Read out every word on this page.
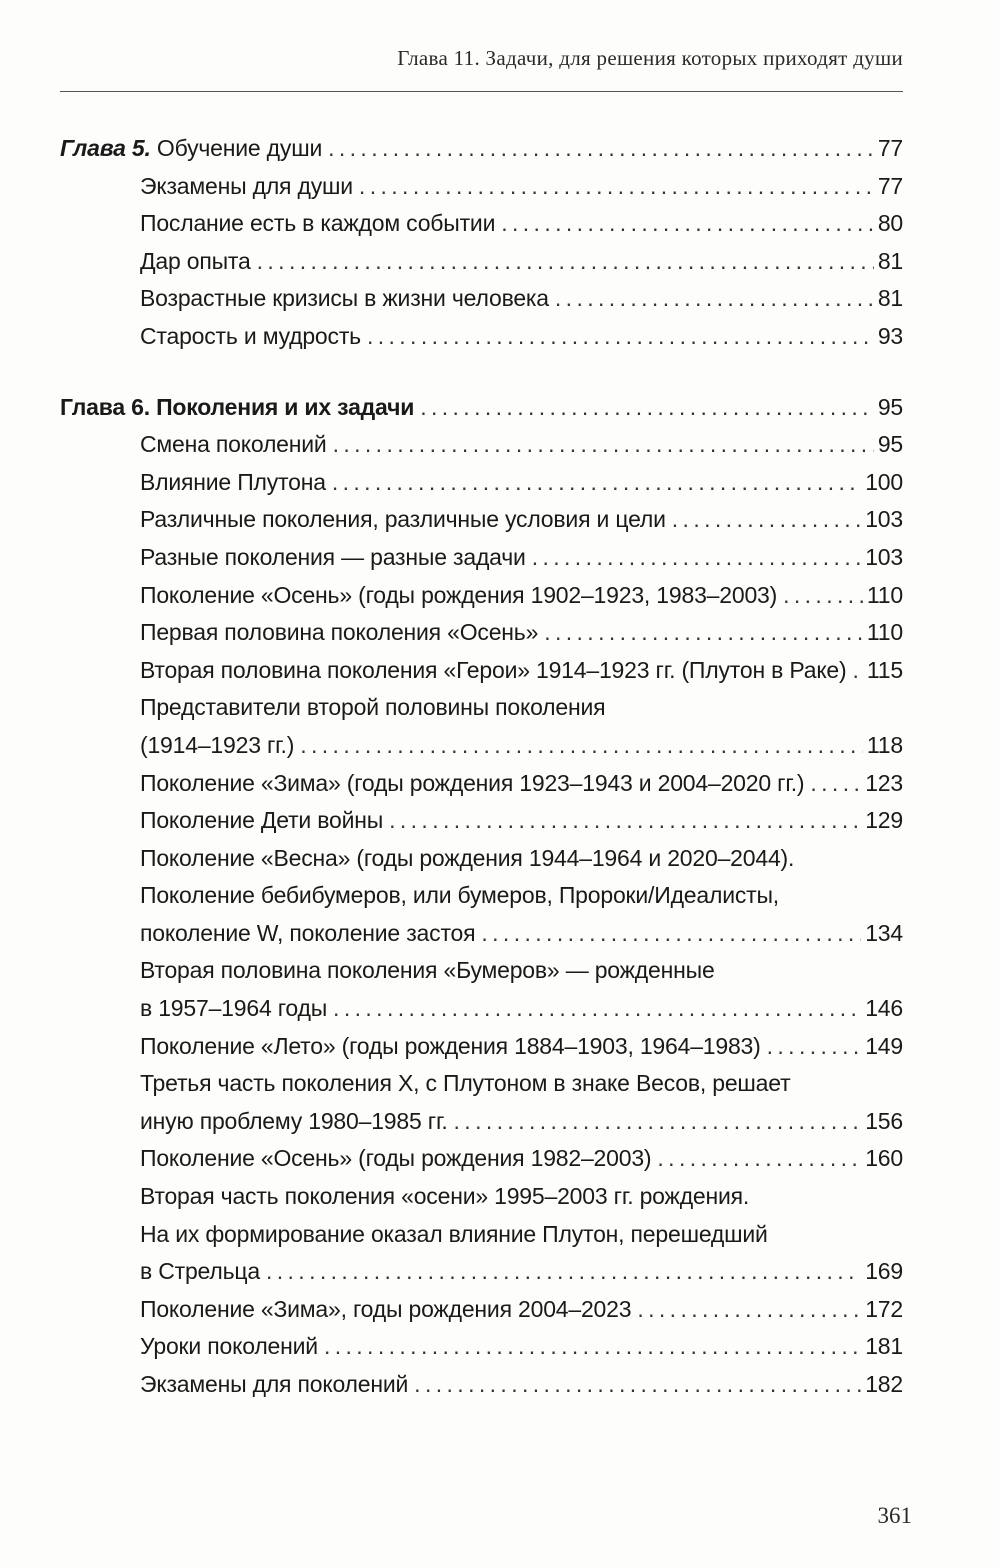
Глава 11. Задачи, для решения которых приходят души
Глава 5. Обучение души . . .	77
Экзамены для души . . .	77
Послание есть в каждом событии . . .	80
Дар опыта . . .	81
Возрастные кризисы в жизни человека . . .	81
Старость и мудрость . . .	93
Глава 6. Поколения и их задачи . . .	95
Смена поколений . . .	95
Влияние Плутона . . .	100
Различные поколения, различные условия и цели . . .	103
Разные поколения — разные задачи . . .	103
Поколение «Осень» (годы рождения 1902–1923, 1983–2003) . . .	110
Первая половина поколения «Осень» . . .	110
Вторая половина поколения «Герои» 1914–1923 гг. (Плутон в Раке) . . . 115
Представители второй половины поколения
(1914–1923 гг.) . . .	118
Поколение «Зима» (годы рождения 1923–1943 и 2004–2020 гг.) . . .	123
Поколение Дети войны . . .	129
Поколение «Весна» (годы рождения 1944–1964 и 2020–2044).
Поколение бебибумеров, или бумеров, Пророки/Идеалисты,
поколение W, поколение застоя . . .	134
Вторая половина поколения «Бумеров» — рожденные
в 1957–1964 годы . . .	146
Поколение «Лето» (годы рождения 1884–1903, 1964–1983) . . .	149
Третья часть поколения X, с Плутоном в знаке Весов, решает
иную проблему 1980–1985 гг. . . .	156
Поколение «Осень» (годы рождения 1982–2003) . . .	160
Вторая часть поколения «осени» 1995–2003 гг. рождения.
На их формирование оказал влияние Плутон, перешедший
в Стрельца . . .	169
Поколение «Зима», годы рождения 2004–2023 . . .	172
Уроки поколений . . .	181
Экзамены для поколений . . .	182
361
